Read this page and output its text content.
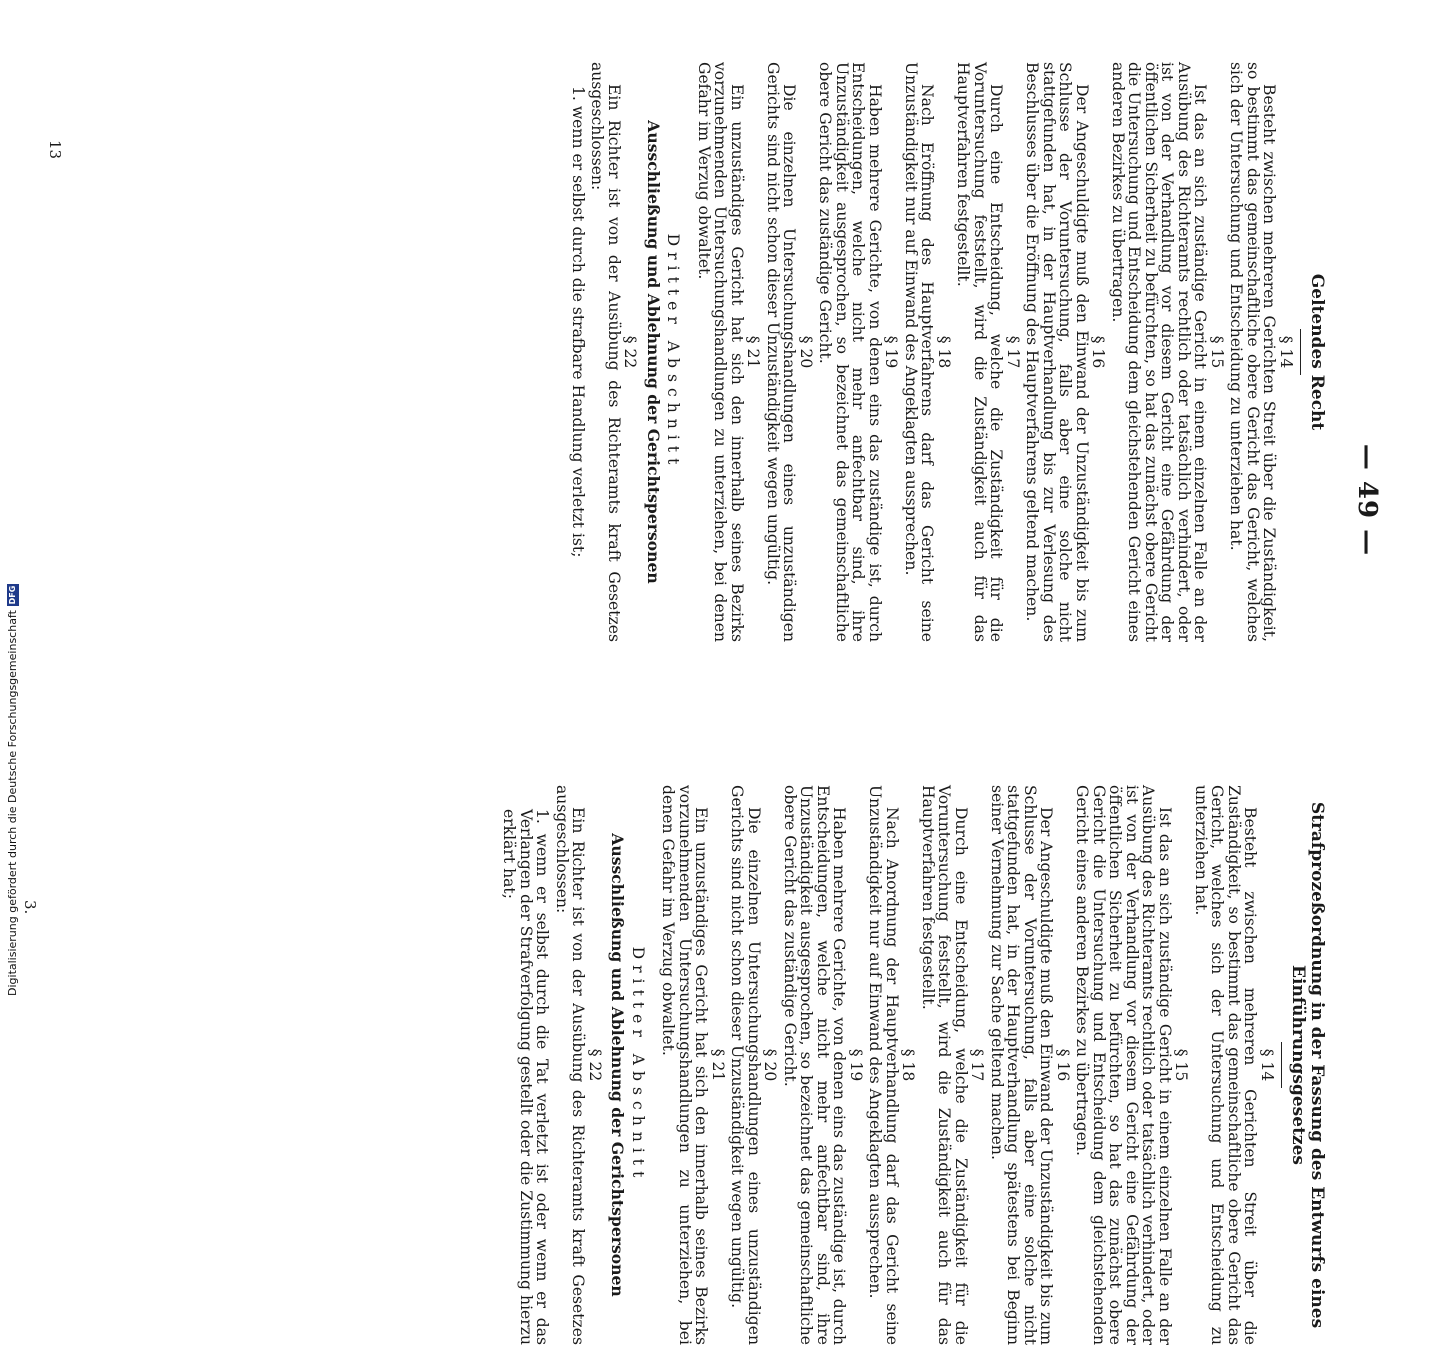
— 49 —

Geltendes Recht

§ 14

Besteht zwischen mehreren Gerichten Streit über die Zuständigkeit, so bestimmt das gemeinschaftliche obere Gericht das Gericht, welches sich der Untersuchung und Entscheidung zu unterziehen hat.

§ 15

Ist das an sich zuständige Gericht in einem einzelnen Falle an der Ausübung des Richteramts rechtlich oder tatsächlich verhindert, oder ist von der Verhandlung vor diesem Gericht eine Gefährdung der öffentlichen Sicherheit zu befürchten, so hat das zunächst obere Gericht die Untersuchung und Entscheidung dem gleichstehenden Gericht eines anderen Bezirkes zu übertragen.

§ 16

Der Angeschuldigte muß den Einwand der Unzuständigkeit bis zum Schlusse der Voruntersuchung, falls aber eine solche nicht stattgefunden hat, in der Hauptverhandlung bis zur Verlesung des Beschlusses über die Eröffnung des Hauptverfahrens geltend machen.

§ 17

Durch eine Entscheidung, welche die Zuständigkeit für die Voruntersuchung feststellt, wird die Zuständigkeit auch für das Hauptverfahren festgestellt.

§ 18

Nach Eröffnung des Hauptverfahrens darf das Gericht seine Unzuständigkeit nur auf Einwand des Angeklagten aussprechen.

§ 19

Haben mehrere Gerichte, von denen eins das zuständige ist, durch Entscheidungen, welche nicht mehr anfechtbar sind, ihre Unzuständigkeit ausgesprochen, so bezeichnet das gemeinschaftliche obere Gericht das zuständige Gericht.

§ 20

Die einzelnen Untersuchungshandlungen eines unzuständigen Gerichts sind nicht schon dieser Unzuständigkeit wegen ungültig.

§ 21

Ein unzuständiges Gericht hat sich den innerhalb seines Bezirks vorzunehmenden Untersuchungshandlungen zu unterziehen, bei denen Gefahr im Verzug obwaltet.

Dritter Abschnitt

Ausschließung und Ablehnung der Gerichtspersonen

§ 22

Ein Richter ist von der Ausübung des Richteramts kraft Gesetzes ausgeschlossen:

1. wenn er selbst durch die strafbare Handlung verletzt ist;

Strafprozeßordnung in der Fassung des Entwurfs eines Einführungsgesetzes

§ 14

Besteht zwischen mehreren Gerichten Streit über die Zuständigkeit, so bestimmt das gemeinschaftliche obere Gericht das Gericht, welches sich der Untersuchung und Entscheidung zu unterziehen hat.

§ 15

Ist das an sich zuständige Gericht in einem einzelnen Falle an der Ausübung des Richteramts rechtlich oder tatsächlich verhindert, oder ist von der Verhandlung vor diesem Gericht eine Gefährdung der öffentlichen Sicherheit zu befürchten, so hat das zunächst obere Gericht die Untersuchung und Entscheidung dem gleichstehenden Gericht eines anderen Bezirkes zu übertragen.

§ 16

Der Angeschuldigte muß den Einwand der Unzuständigkeit bis zum Schlusse der Voruntersuchung, falls aber eine solche nicht stattgefunden hat, in der Hauptverhandlung spätestens bei Beginn seiner Vernehmung zur Sache geltend machen.

§ 17

Durch eine Entscheidung, welche die Zuständigkeit für die Voruntersuchung feststellt, wird die Zuständigkeit auch für das Hauptverfahren festgestellt.

§ 18

Nach Anordnung der Hauptverhandlung darf das Gericht seine Unzuständigkeit nur auf Einwand des Angeklagten aussprechen.

§ 19

Haben mehrere Gerichte, von denen eins das zuständige ist, durch Entscheidungen, welche nicht mehr anfechtbar sind, ihre Unzuständigkeit ausgesprochen, so bezeichnet das gemeinschaftliche obere Gericht das zuständige Gericht.

§ 20

Die einzelnen Untersuchungshandlungen eines unzuständigen Gerichts sind nicht schon dieser Unzuständigkeit wegen ungültig.

§ 21

Ein unzuständiges Gericht hat sich den innerhalb seines Bezirks vorzunehmenden Untersuchungshandlungen zu unterziehen, bei denen Gefahr im Verzug obwaltet.

Dritter Abschnitt

Ausschließung und Ablehnung der Gerichtspersonen

§ 22

Ein Richter ist von der Ausübung des Richteramts kraft Gesetzes ausgeschlossen:

1. wenn er selbst durch die Tat verletzt ist oder wenn er das Verlangen der Strafverfolgung gestellt oder die Zustimmung hierzu erklärt hat;

13
3.
Digitalisierung gefördert durch die Deutsche ForschungsgemeinschaftDFG
